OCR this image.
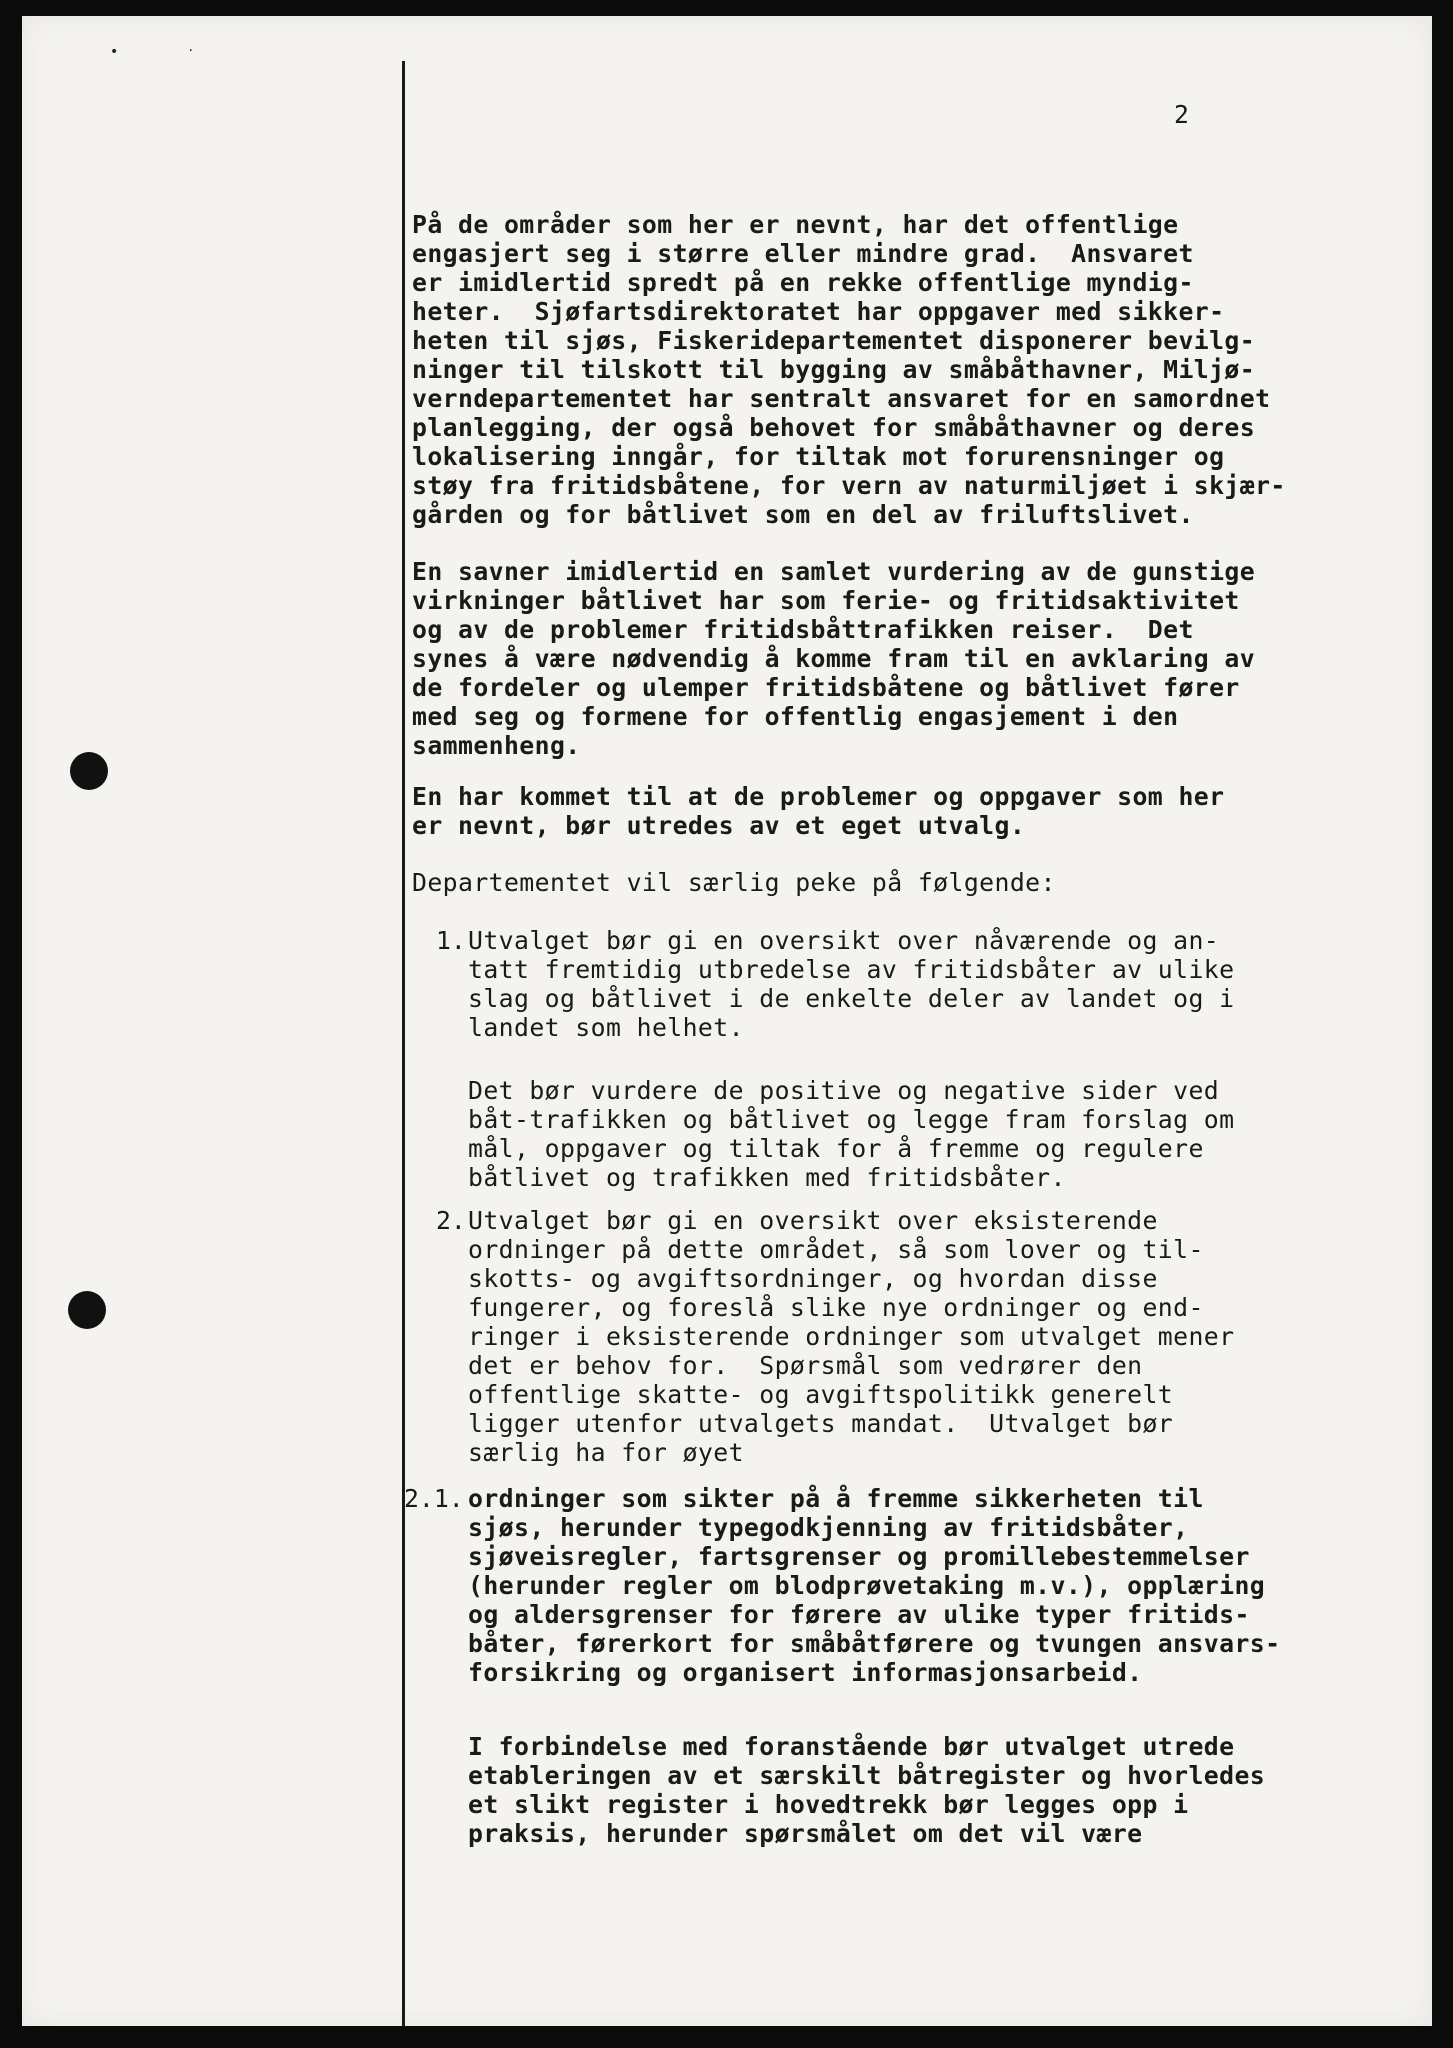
•	٠
2
På de områder som her er nevnt, har det offentlige
engasjert seg i større eller mindre grad.  Ansvaret
er imidlertid spredt på en rekke offentlige myndig-
heter.  Sjøfartsdirektoratet har oppgaver med sikker-
heten til sjøs, Fiskeridepartementet disponerer bevilg-
ninger til tilskott til bygging av småbåthavner, Miljø-
verndepartementet har sentralt ansvaret for en samordnet
planlegging, der også behovet for småbåthavner og deres
lokalisering inngår, for tiltak mot forurensninger og
støy fra fritidsbåtene, for vern av naturmiljøet i skjær-
gården og for båtlivet som en del av friluftslivet.
En savner imidlertid en samlet vurdering av de gunstige
virkninger båtlivet har som ferie- og fritidsaktivitet
og av de problemer fritidsbåttrafikken reiser.  Det
synes å være nødvendig å komme fram til en avklaring av
de fordeler og ulemper fritidsbåtene og båtlivet fører
med seg og formene for offentlig engasjement i den
sammenheng.
En har kommet til at de problemer og oppgaver som her
er nevnt, bør utredes av et eget utvalg.
Departementet vil særlig peke på følgende:
1. Utvalget bør gi en oversikt over nåværende og an-
tatt fremtidig utbredelse av fritidsbåter av ulike
slag og båtlivet i de enkelte deler av landet og i
landet som helhet.
Det bør vurdere de positive og negative sider ved
båt-trafikken og båtlivet og legge fram forslag om
mål, oppgaver og tiltak for å fremme og regulere
båtlivet og trafikken med fritidsbåter.
2. Utvalget bør gi en oversikt over eksisterende
ordninger på dette området, så som lover og til-
skotts- og avgiftsordninger, og hvordan disse
fungerer, og foreslå slike nye ordninger og end-
ringer i eksisterende ordninger som utvalget mener
det er behov for.  Spørsmål som vedrører den
offentlige skatte- og avgiftspolitikk generelt
ligger utenfor utvalgets mandat.  Utvalget bør
særlig ha for øyet
2.1. ordninger som sikter på å fremme sikkerheten til
sjøs, herunder typegodkjenning av fritidsbåter,
sjøveisregler, fartsgrenser og promillebestemmelser
(herunder regler om blodprøvetaking m.v.), opplæring
og aldersgrenser for førere av ulike typer fritids-
båter, førerkort for småbåtførere og tvungen ansvars-
forsikring og organisert informasjonsarbeid.
I forbindelse med foranstående bør utvalget utrede
etableringen av et særskilt båtregister og hvorledes
et slikt register i hovedtrekk bør legges opp i
praksis, herunder spørsmålet om det vil være
